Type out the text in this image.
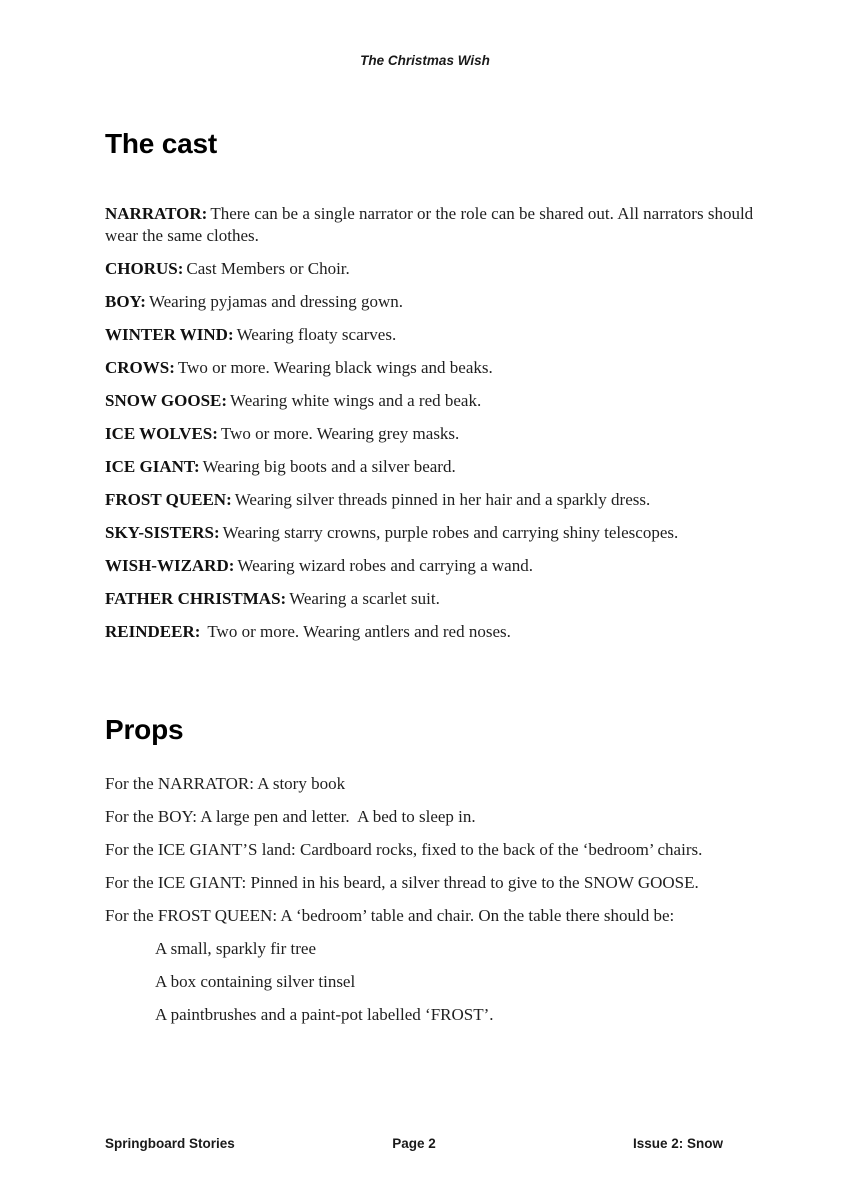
The Christmas Wish
The cast

NARRATOR: There can be a single narrator or the role can be shared out. All narrators should wear the same clothes.

CHORUS: Cast Members or Choir.

BOY: Wearing pyjamas and dressing gown.

WINTER WIND: Wearing floaty scarves.

CROWS: Two or more. Wearing black wings and beaks.

SNOW GOOSE: Wearing white wings and a red beak.

ICE WOLVES: Two or more. Wearing grey masks.

ICE GIANT: Wearing big boots and a silver beard.

FROST QUEEN: Wearing silver threads pinned in her hair and a sparkly dress.

SKY-SISTERS: Wearing starry crowns, purple robes and carrying shiny telescopes.

WISH-WIZARD: Wearing wizard robes and carrying a wand.

FATHER CHRISTMAS: Wearing a scarlet suit.

REINDEER: Two or more. Wearing antlers and red noses.

Props

For the NARRATOR: A story book

For the BOY: A large pen and letter.  A bed to sleep in.

For the ICE GIANT’S land: Cardboard rocks, fixed to the back of the ‘bedroom’ chairs.

For the ICE GIANT: Pinned in his beard, a silver thread to give to the SNOW GOOSE.

For the FROST QUEEN: A ‘bedroom’ table and chair. On the table there should be:

A small, sparkly fir tree

A box containing silver tinsel

A paintbrushes and a paint-pot labelled ‘FROST’.

Springboard Stories	Page 2	Issue 2: Snow
